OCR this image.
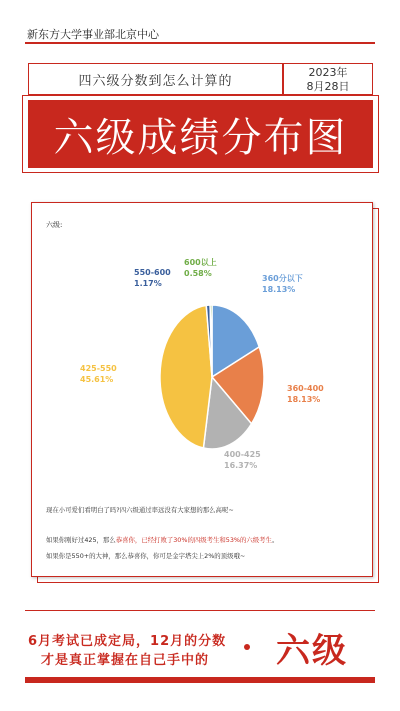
新东方大学事业部北京中心
四六级分数到怎么计算的
2023年
8月28日
六级成绩分布图
六级:
360分以下
18.13%
360-400
18.13%
400-425
16.37%
425-550
45.61%
550-600
1.17%
600以上
0.58%
现在小可爱们看明白了吗?四六级通过率远没有大家想的那么高呢~
如果你刚好过425，那么恭喜你，已经打败了30%的四级考生和53%的六级考生。
如果你是550+的大神，那么恭喜你，你可是金字塔尖上2%的顶级哦~
6月考试已成定局，12月的分数
才是真正掌握在自己手中的 六级
